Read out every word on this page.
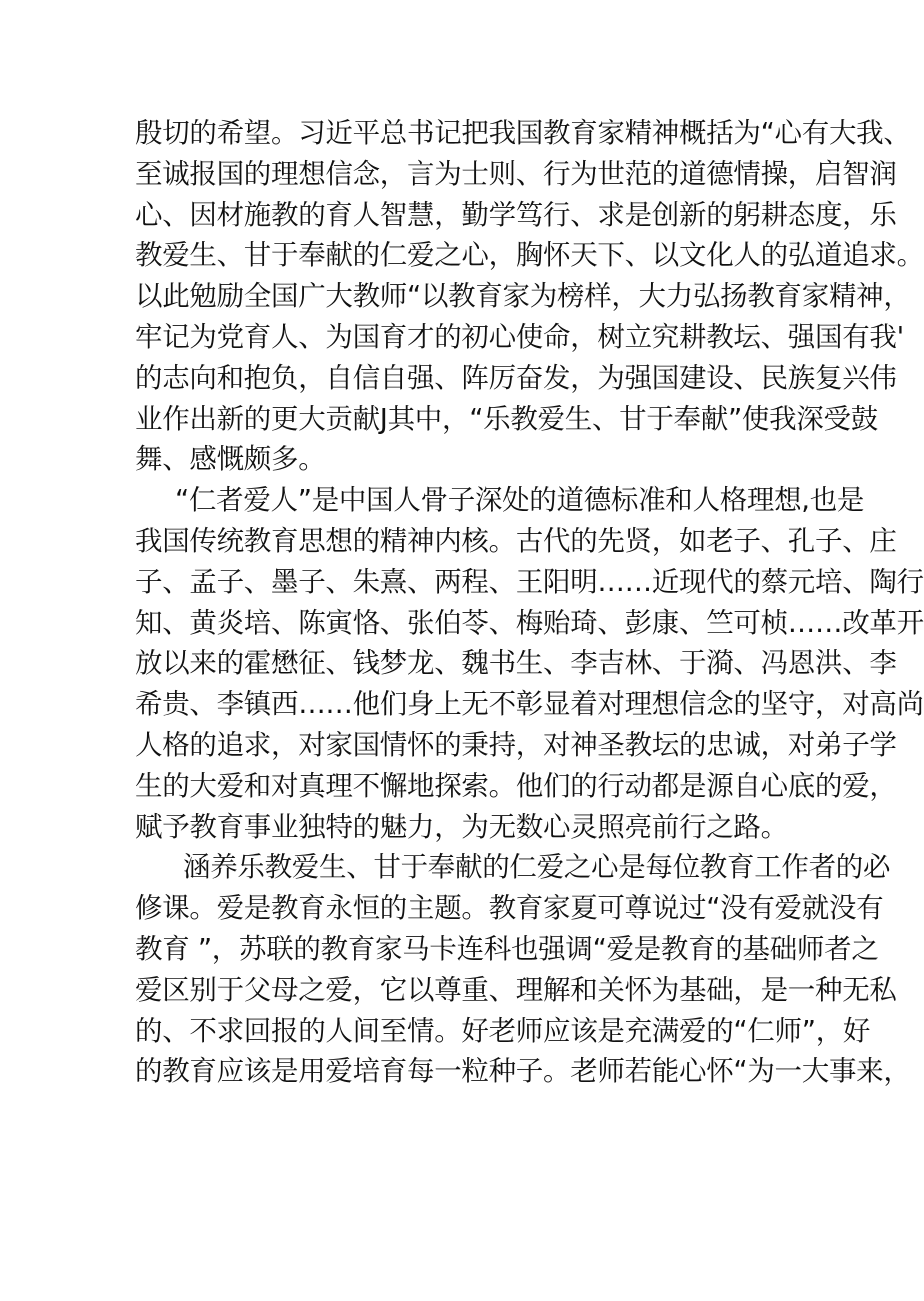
殷切的希望。习近平总书记把我国教育家精神概括为“心有大我、
至诚报国的理想信念，言为士则、行为世范的道德情操，启智润
心、因材施教的育人智慧，勤学笃行、求是创新的躬耕态度，乐
教爱生、甘于奉献的仁爱之心，胸怀天下、以文化人的弘道追求。
以此勉励全国广大教师“以教育家为榜样，大力弘扬教育家精神，
牢记为党育人、为国育才的初心使命，树立究耕教坛、强国有我'
的志向和抱负，自信自强、阵厉奋发，为强国建设、民族复兴伟
业作出新的更大贡献J其中，“乐教爱生、甘于奉献”使我深受鼓
舞、感慨颇多。
“仁者爱人”是中国人骨子深处的道德标准和人格理想,也是
我国传统教育思想的精神内核。古代的先贤，如老子、孔子、庄
子、孟子、墨子、朱熹、两程、王阳明……近现代的蔡元培、陶行
知、黄炎培、陈寅恪、张伯苓、梅贻琦、彭康、竺可桢……改革开
放以来的霍懋征、钱梦龙、魏书生、李吉林、于漪、冯恩洪、李
希贵、李镇西……他们身上无不彰显着对理想信念的坚守，对高尚
人格的追求，对家国情怀的秉持，对神圣教坛的忠诚，对弟子学
生的大爱和对真理不懈地探索。他们的行动都是源自心底的爱，
赋予教育事业独特的魅力，为无数心灵照亮前行之路。
涵养乐教爱生、甘于奉献的仁爱之心是每位教育工作者的必
修课。爱是教育永恒的主题。教育家夏可尊说过“没有爱就没有
教育 ”，苏联的教育家马卡连科也强调“爱是教育的基础师者之
爱区别于父母之爱，它以尊重、理解和关怀为基础，是一种无私
的、不求回报的人间至情。好老师应该是充满爱的“仁师”，好
的教育应该是用爱培育每一粒种子。老师若能心怀“为一大事来，
